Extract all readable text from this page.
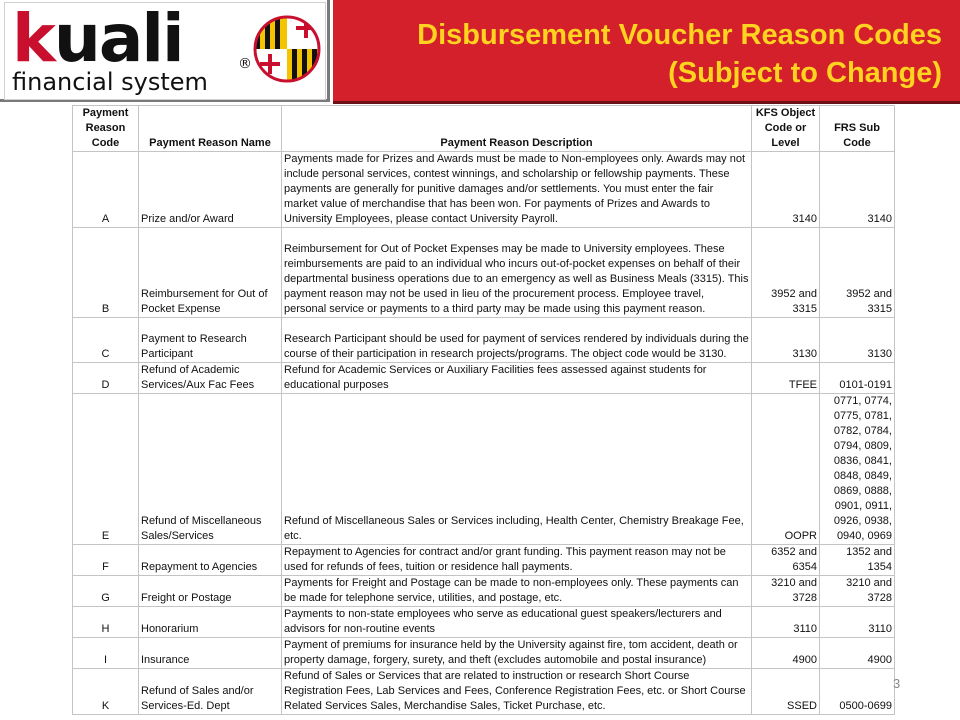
kuali	®
financial system
Disbursement Voucher Reason Codes
(Subject to Change)
Payment Reason Code	Payment Reason Name	Payment Reason Description	KFS Object Code or Level	FRS Sub Code
A	Prize and/or Award	Payments made for Prizes and Awards must be made to Non-employees only. Awards may not include personal services, contest winnings, and scholarship or fellowship payments. These payments are generally for punitive damages and/or settlements. You must enter the fair market value of merchandise that has been won. For payments of Prizes and Awards to University Employees, please contact University Payroll.	3140	3140
B	Reimbursement for Out of Pocket Expense	Reimbursement for Out of Pocket Expenses may be made to University employees. These reimbursements are paid to an individual who incurs out-of-pocket expenses on behalf of their departmental business operations due to an emergency as well as Business Meals (3315). This payment reason may not be used in lieu of the procurement process. Employee travel, personal service or payments to a third party may be made using this payment reason.	3952 and 3315	3952 and 3315
C	Payment to Research Participant	Research Participant should be used for payment of services rendered by individuals during the course of their participation in research projects/programs. The object code would be 3130.	3130	3130
D	Refund of Academic Services/Aux Fac Fees	Refund for Academic Services or Auxiliary Facilities fees assessed against students for educational purposes	TFEE	0101-0191
E	Refund of Miscellaneous Sales/Services	Refund of Miscellaneous Sales or Services including, Health Center, Chemistry Breakage Fee, etc.	OOPR	0771, 0774, 0775, 0781, 0782, 0784, 0794, 0809, 0836, 0841, 0848, 0849, 0869, 0888, 0901, 0911, 0926, 0938, 0940, 0969
F	Repayment to Agencies	Repayment to Agencies for contract and/or grant funding. This payment reason may not be used for refunds of fees, tuition or residence hall payments.	6352 and 6354	1352 and 1354
G	Freight or Postage	Payments for Freight and Postage can be made to non-employees only. These payments can be made for telephone service, utilities, and postage, etc.	3210 and 3728	3210 and 3728
H	Honorarium	Payments to non-state employees who serve as educational guest speakers/lecturers and advisors for non-routine events	3110	3110
I	Insurance	Payment of premiums for insurance held by the University against fire, tom accident, death or property damage, forgery, surety, and theft (excludes automobile and postal insurance)	4900	4900
K	Refund of Sales and/or Services-Ed. Dept	Refund of Sales or Services that are related to instruction or research Short Course Registration Fees, Lab Services and Fees, Conference Registration Fees, etc. or Short Course Related Services Sales, Merchandise Sales, Ticket Purchase, etc.	SSED	0500-0699
3
